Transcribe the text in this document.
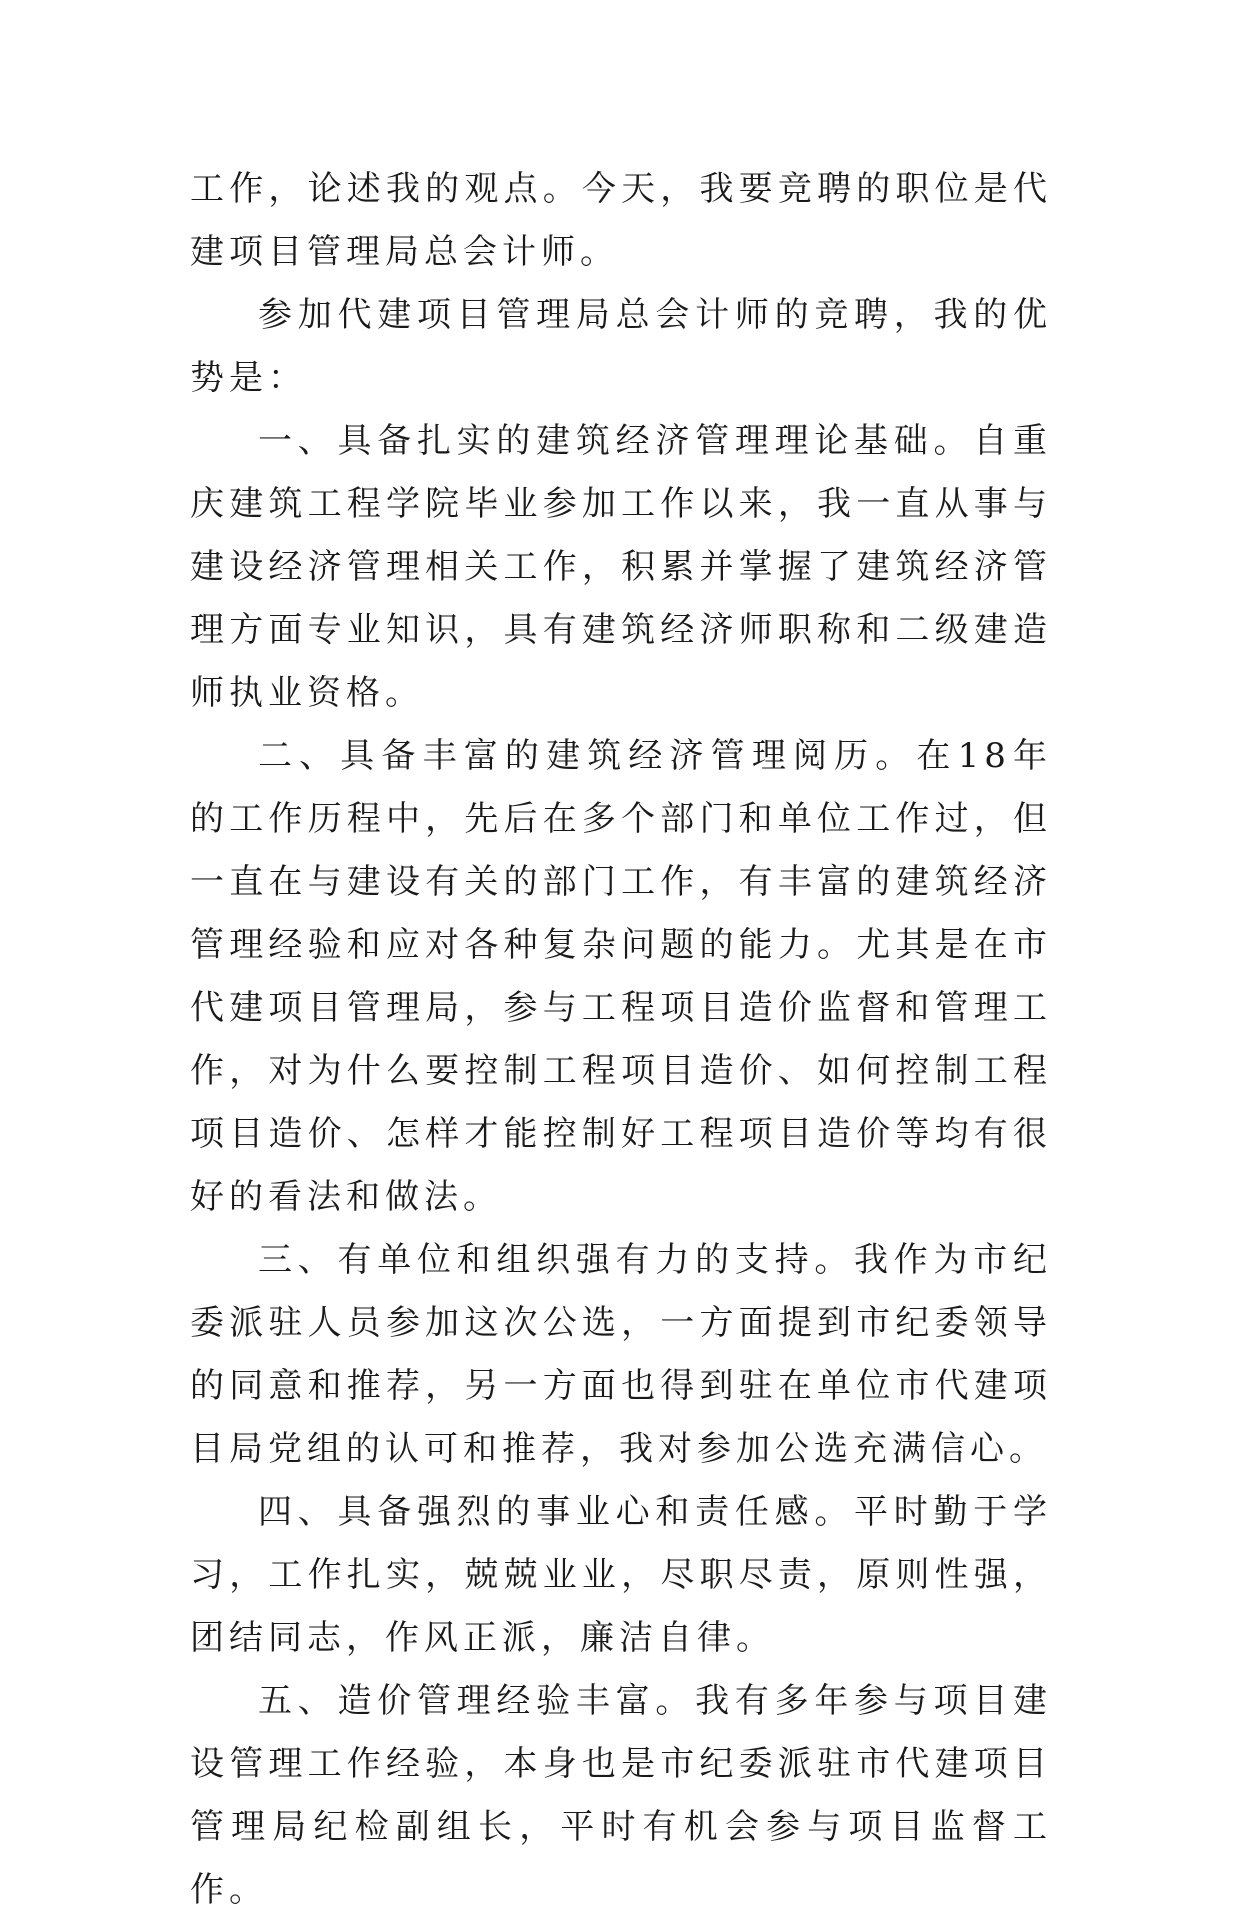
工作，论述我的观点。今天，我要竞聘的职位是代建项目管理局总会计师。

参加代建项目管理局总会计师的竞聘，我的优势是：

一、具备扎实的建筑经济管理理论基础。自重庆建筑工程学院毕业参加工作以来，我一直从事与建设经济管理相关工作，积累并掌握了建筑经济管理方面专业知识，具有建筑经济师职称和二级建造师执业资格。

二、具备丰富的建筑经济管理阅历。在18年的工作历程中，先后在多个部门和单位工作过，但一直在与建设有关的部门工作，有丰富的建筑经济管理经验和应对各种复杂问题的能力。尤其是在市代建项目管理局，参与工程项目造价监督和管理工作，对为什么要控制工程项目造价、如何控制工程项目造价、怎样才能控制好工程项目造价等均有很好的看法和做法。

三、有单位和组织强有力的支持。我作为市纪委派驻人员参加这次公选，一方面提到市纪委领导的同意和推荐，另一方面也得到驻在单位市代建项目局党组的认可和推荐，我对参加公选充满信心。

四、具备强烈的事业心和责任感。平时勤于学习，工作扎实，兢兢业业，尽职尽责，原则性强，团结同志，作风正派，廉洁自律。

五、造价管理经验丰富。我有多年参与项目建设管理工作经验，本身也是市纪委派驻市代建项目管理局纪检副组长，平时有机会参与项目监督工作。
